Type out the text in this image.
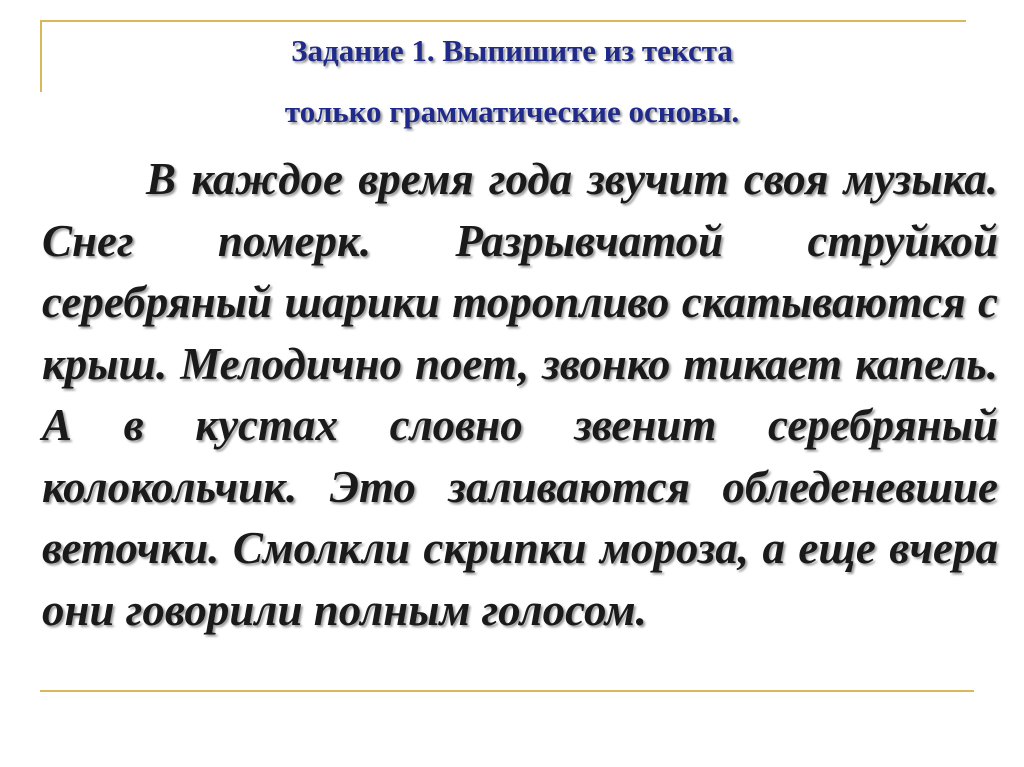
Задание 1. Выпишите из текста
только грамматические основы.

В каждое время года звучит своя музыка. Снег померк. Разрывчатой струйкой серебряный шарики торопливо скатываются с крыш. Мелодично поет, звонко тикает капель. А в кустах словно звенит серебряный колокольчик. Это заливаются обледеневшие веточки. Смолкли скрипки мороза, а еще вчера они говорили полным голосом.
